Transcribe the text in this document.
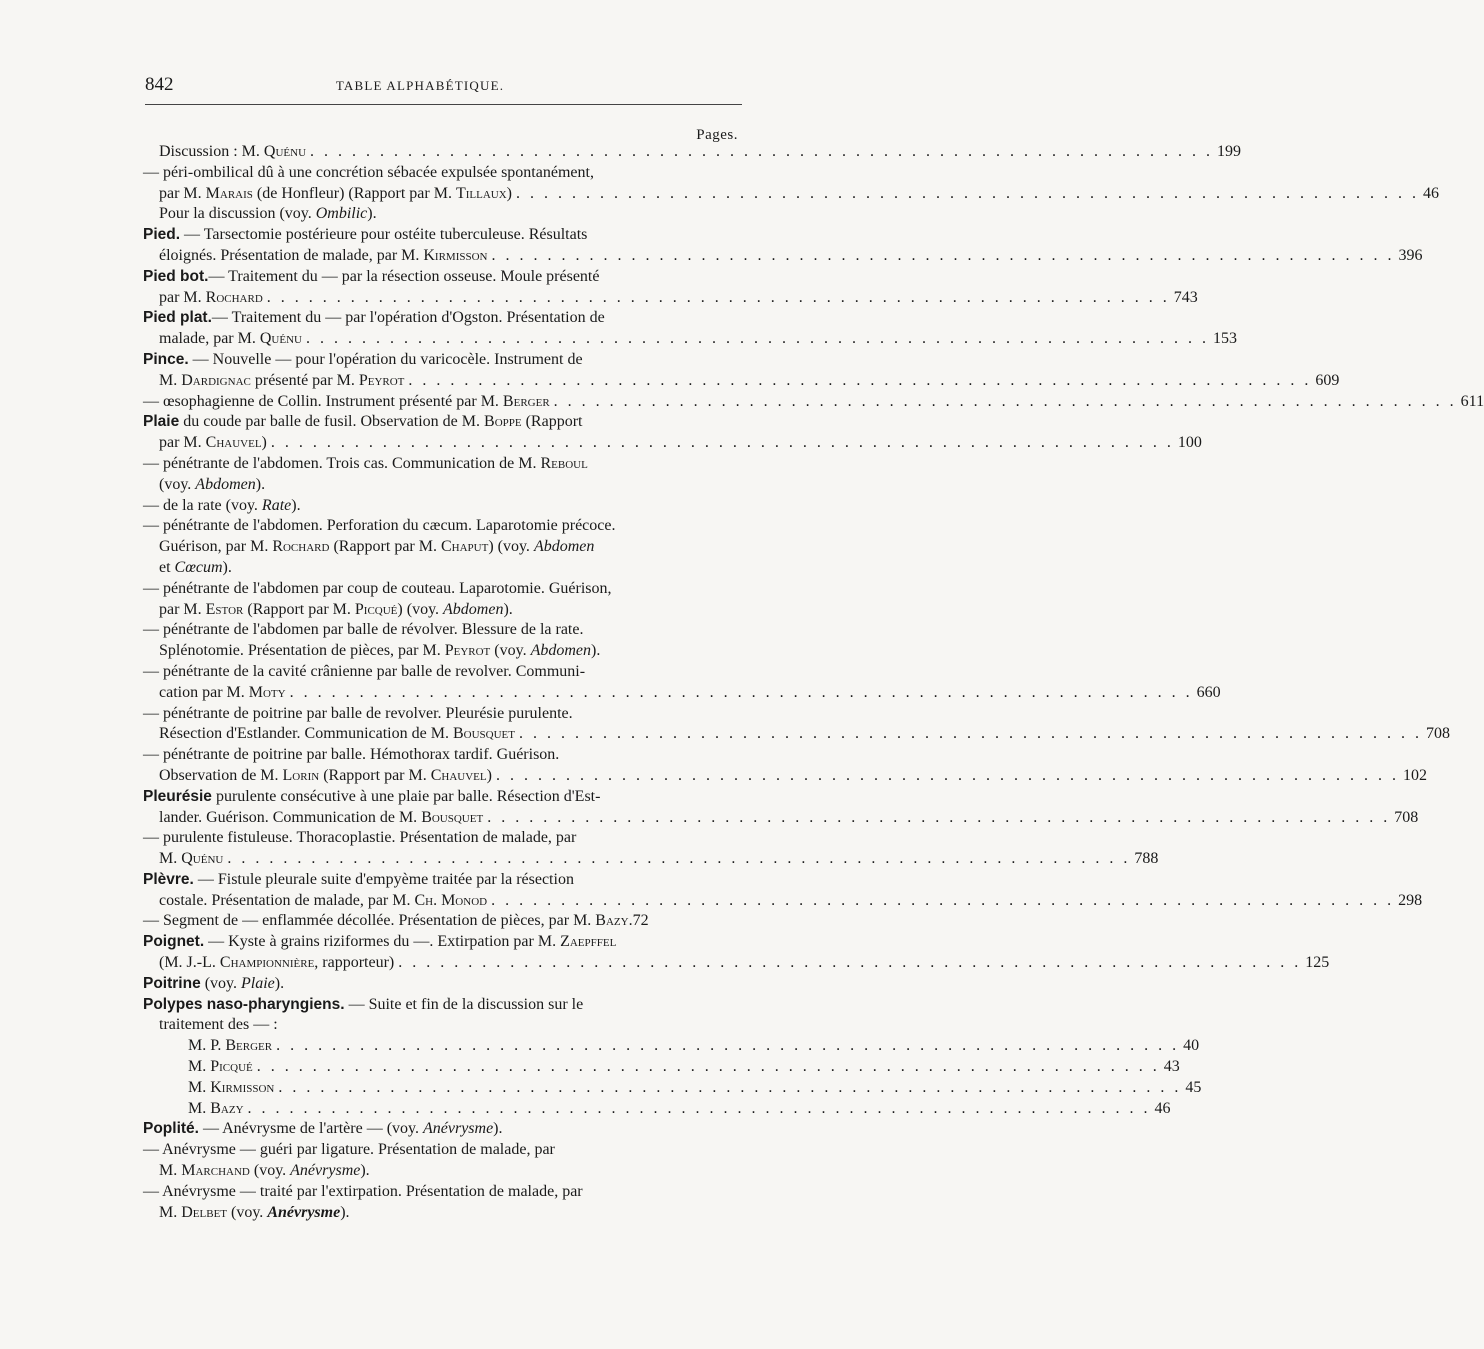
842	TABLE ALPHABÉTIQUE.
Pages.
Discussion : M. Quénu . . . . . . . . . . . . . . . . . . . . . . . . . . . . . . . . . . . . . . . . . . . . . . . . . . . . . . . . . . . . . . . . . 199
— péri-ombilical dû à une concrétion sébacée expulsée spontanément,
par M. Marais (de Honfleur) (Rapport par M. Tillaux) . . . . . . . . . . . . . . . . . . . . . . . . . . . . . . . . . . . . . . . . . . . . . . . . . . . . . . . . . . . . . . . . . 46
Pour la discussion (voy. Ombilic).
Pied. — Tarsectomie postérieure pour ostéite tuberculeuse. Résultats
éloignés. Présentation de malade, par M. Kirmisson . . . . . . . . . . . . . . . . . . . . . . . . . . . . . . . . . . . . . . . . . . . . . . . . . . . . . . . . . . . . . . . . . 396
Pied bot.— Traitement du — par la résection osseuse. Moule présenté
par M. Rochard . . . . . . . . . . . . . . . . . . . . . . . . . . . . . . . . . . . . . . . . . . . . . . . . . . . . . . . . . . . . . . . . . 743
Pied plat.— Traitement du — par l'opération d'Ogston. Présentation de
malade, par M. Quénu . . . . . . . . . . . . . . . . . . . . . . . . . . . . . . . . . . . . . . . . . . . . . . . . . . . . . . . . . . . . . . . . . 153
Pince. — Nouvelle — pour l'opération du varicocèle. Instrument de
M. Dardignac présenté par M. Peyrot . . . . . . . . . . . . . . . . . . . . . . . . . . . . . . . . . . . . . . . . . . . . . . . . . . . . . . . . . . . . . . . . . 609
— œsophagienne de Collin. Instrument présenté par M. Berger . . . . . . . . . . . . . . . . . . . . . . . . . . . . . . . . . . . . . . . . . . . . . . . . . . . . . . . . . . . . . . . . . 611
Plaie du coude par balle de fusil. Observation de M. Boppe (Rapport
par M. Chauvel) . . . . . . . . . . . . . . . . . . . . . . . . . . . . . . . . . . . . . . . . . . . . . . . . . . . . . . . . . . . . . . . . . 100
— pénétrante de l'abdomen. Trois cas. Communication de M. Reboul
(voy. Abdomen).
— de la rate (voy. Rate).
— pénétrante de l'abdomen. Perforation du cæcum. Laparotomie précoce.
Guérison, par M. Rochard (Rapport par M. Chaput) (voy. Abdomen
et Cœcum).
— pénétrante de l'abdomen par coup de couteau. Laparotomie. Guérison,
par M. Estor (Rapport par M. Picqué) (voy. Abdomen).
— pénétrante de l'abdomen par balle de révolver. Blessure de la rate.
Splénotomie. Présentation de pièces, par M. Peyrot (voy. Abdomen).
— pénétrante de la cavité crânienne par balle de revolver. Communi-
cation par M. Moty . . . . . . . . . . . . . . . . . . . . . . . . . . . . . . . . . . . . . . . . . . . . . . . . . . . . . . . . . . . . . . . . . 660
— pénétrante de poitrine par balle de revolver. Pleurésie purulente.
Résection d'Estlander. Communication de M. Bousquet . . . . . . . . . . . . . . . . . . . . . . . . . . . . . . . . . . . . . . . . . . . . . . . . . . . . . . . . . . . . . . . . . 708
— pénétrante de poitrine par balle. Hémothorax tardif. Guérison.
Observation de M. Lorin (Rapport par M. Chauvel) . . . . . . . . . . . . . . . . . . . . . . . . . . . . . . . . . . . . . . . . . . . . . . . . . . . . . . . . . . . . . . . . . 102
Pleurésie purulente consécutive à une plaie par balle. Résection d'Est-
lander. Guérison. Communication de M. Bousquet . . . . . . . . . . . . . . . . . . . . . . . . . . . . . . . . . . . . . . . . . . . . . . . . . . . . . . . . . . . . . . . . . 708
— purulente fistuleuse. Thoracoplastie. Présentation de malade, par
M. Quénu . . . . . . . . . . . . . . . . . . . . . . . . . . . . . . . . . . . . . . . . . . . . . . . . . . . . . . . . . . . . . . . . . 788
Plèvre. — Fistule pleurale suite d'empyème traitée par la résection
costale. Présentation de malade, par M. Ch. Monod . . . . . . . . . . . . . . . . . . . . . . . . . . . . . . . . . . . . . . . . . . . . . . . . . . . . . . . . . . . . . . . . . 298
— Segment de — enflammée décollée. Présentation de pièces, par M. Bazy.72
Poignet. — Kyste à grains riziformes du —. Extirpation par M. Zaepffel
(M. J.-L. Championnière, rapporteur) . . . . . . . . . . . . . . . . . . . . . . . . . . . . . . . . . . . . . . . . . . . . . . . . . . . . . . . . . . . . . . . . . 125
Poitrine (voy. Plaie).
Polypes naso-pharyngiens. — Suite et fin de la discussion sur le
traitement des — :
M. P. Berger . . . . . . . . . . . . . . . . . . . . . . . . . . . . . . . . . . . . . . . . . . . . . . . . . . . . . . . . . . . . . . . . . 40
M. Picqué . . . . . . . . . . . . . . . . . . . . . . . . . . . . . . . . . . . . . . . . . . . . . . . . . . . . . . . . . . . . . . . . . 43
M. Kirmisson . . . . . . . . . . . . . . . . . . . . . . . . . . . . . . . . . . . . . . . . . . . . . . . . . . . . . . . . . . . . . . . . . 45
M. Bazy . . . . . . . . . . . . . . . . . . . . . . . . . . . . . . . . . . . . . . . . . . . . . . . . . . . . . . . . . . . . . . . . . 46
Poplité. — Anévrysme de l'artère — (voy. Anévrysme).
— Anévrysme — guéri par ligature. Présentation de malade, par
M. Marchand (voy. Anévrysme).
— Anévrysme — traité par l'extirpation. Présentation de malade, par
M. Delbet (voy. Anévrysme).
